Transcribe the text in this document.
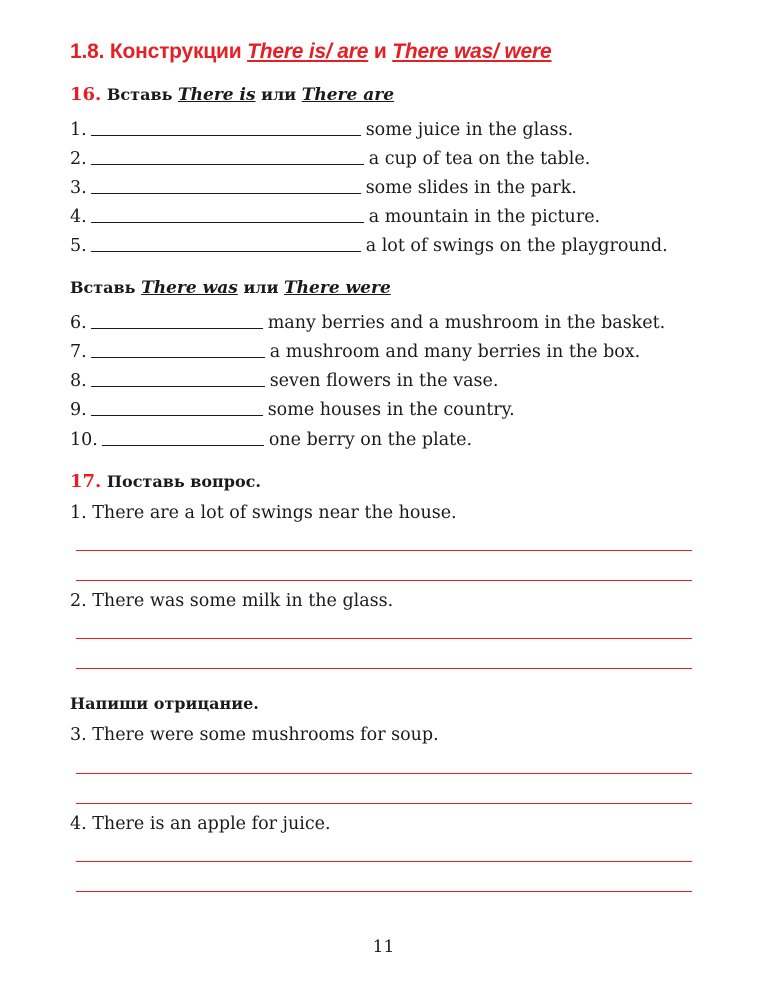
1.8. Конструкции There is/ are и There was/ were

16. Вставь There is или There are

1.	some juice in the glass.
2.	a cup of tea on the table.
3.	some slides in the park.
4.	a mountain in the picture.
5.	a lot of swings on the playground.

Вставь There was или There were

6.	many berries and a mushroom in the basket.
7.	a mushroom and many berries in the box.
8.	seven flowers in the vase.
9.	some houses in the country.
10.	one berry on the plate.

17. Поставь вопрос.

1. There are a lot of swings near the house.
2. There was some milk in the glass.

Напиши отрицание.

3. There were some mushrooms for soup.
4. There is an apple for juice.
11
